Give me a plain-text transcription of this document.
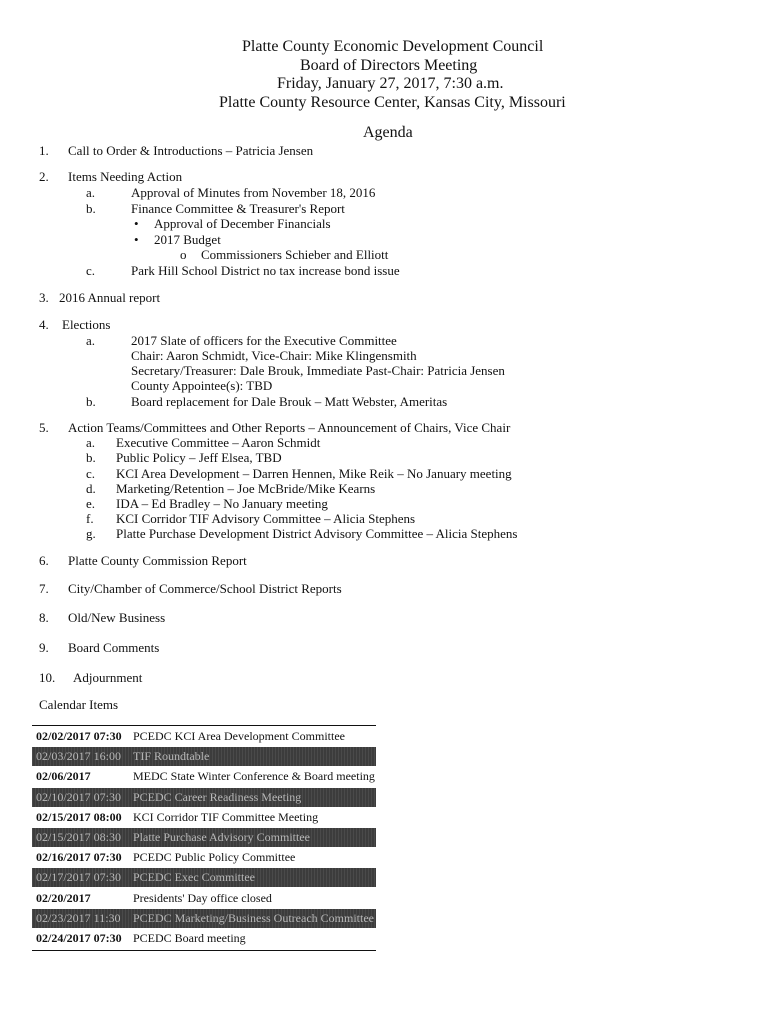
Platte County Economic Development Council
Board of Directors Meeting
Friday, January 27, 2017, 7:30 a.m.
Platte County Resource Center, Kansas City, Missouri
Agenda
1. Call to Order & Introductions – Patricia Jensen
2. Items Needing Action
a.	Approval of Minutes from November 18, 2016
b.	Finance Committee & Treasurer's Report
• Approval of December Financials
• 2017 Budget
o Commissioners Schieber and Elliott
c.	Park Hill School District no tax increase bond issue
3. 2016 Annual report
4. Elections
a.	2017 Slate of officers for the Executive Committee
Chair: Aaron Schmidt, Vice-Chair: Mike Klingensmith
Secretary/Treasurer: Dale Brouk, Immediate Past-Chair: Patricia Jensen
County Appointee(s): TBD
b.	Board replacement for Dale Brouk – Matt Webster, Ameritas
5. Action Teams/Committees and Other Reports – Announcement of Chairs, Vice Chair
a. Executive Committee – Aaron Schmidt
b. Public Policy – Jeff Elsea, TBD
c. KCI Area Development – Darren Hennen, Mike Reik – No January meeting
d. Marketing/Retention – Joe McBride/Mike Kearns
e. IDA – Ed Bradley – No January meeting
f. KCI Corridor TIF Advisory Committee – Alicia Stephens
g. Platte Purchase Development District Advisory Committee – Alicia Stephens
6. Platte County Commission Report
7. City/Chamber of Commerce/School District Reports
8. Old/New Business
9. Board Comments
10. Adjournment
Calendar Items
02/02/2017 07:30 PCEDC KCI Area Development Committee
02/03/2017 16:00 TIF Roundtable
02/06/2017	MEDC State Winter Conference & Board meeting
02/10/2017 07:30 PCEDC Career Readiness Meeting
02/15/2017 08:00 KCI Corridor TIF Committee Meeting
02/15/2017 08:30 Platte Purchase Advisory Committee
02/16/2017 07:30 PCEDC Public Policy Committee
02/17/2017 07:30 PCEDC Exec Committee
02/20/2017	Presidents' Day office closed
02/23/2017 11:30 PCEDC Marketing/Business Outreach Committee
02/24/2017 07:30 PCEDC Board meeting
